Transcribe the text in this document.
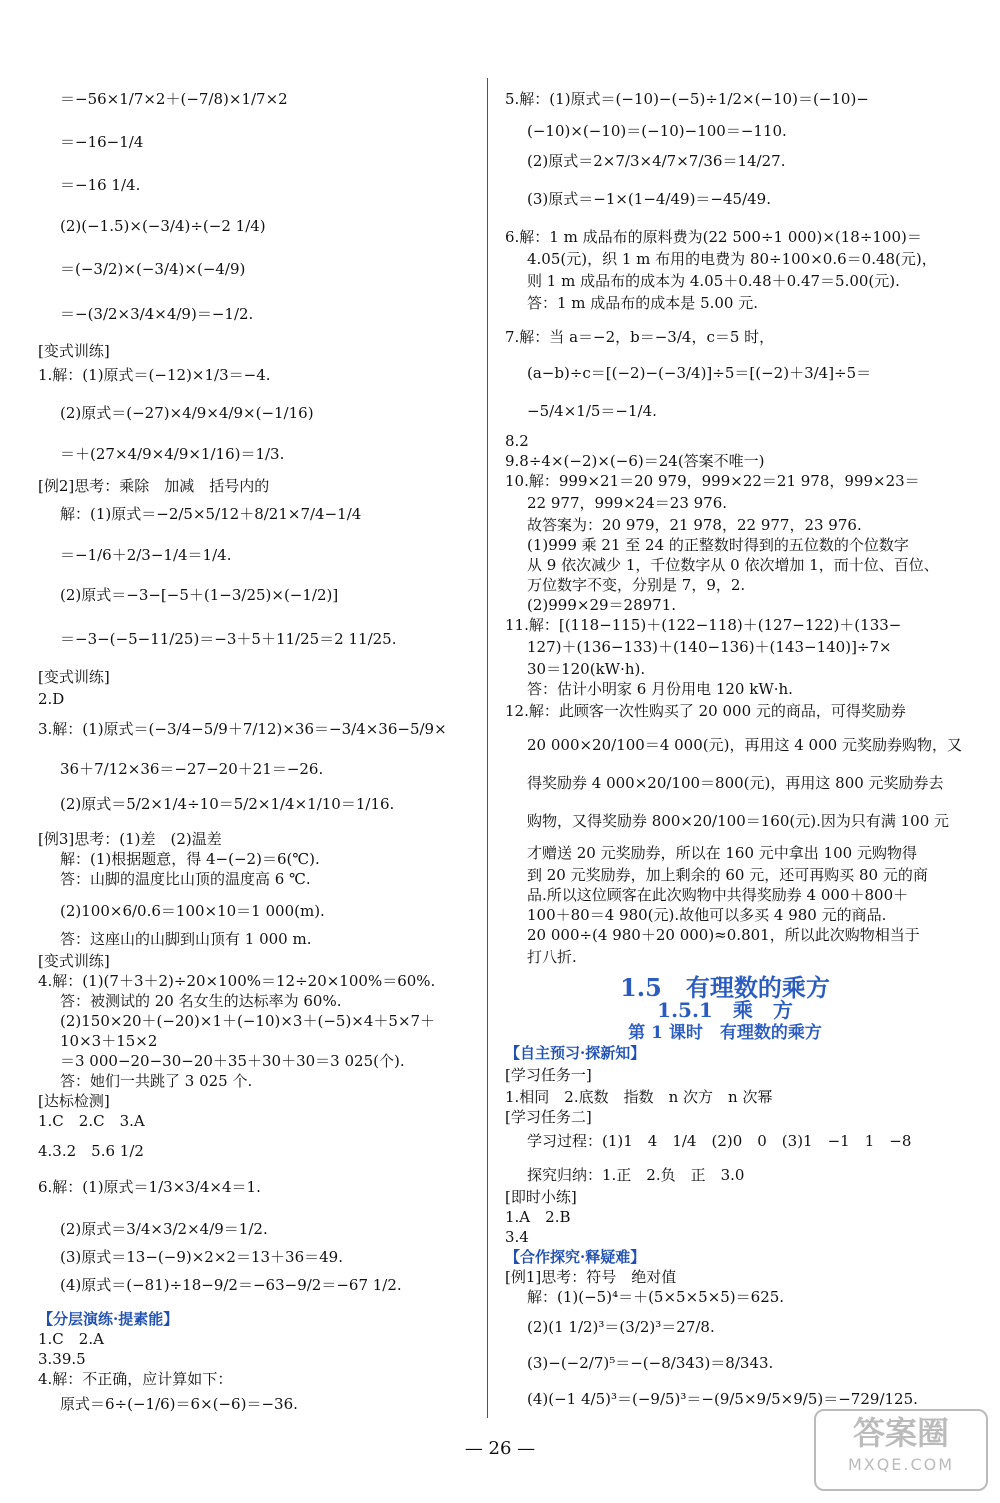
＝−56×1/7×2＋(−7/8)×1/7×2
＝−16−1/4
＝−16 1/4.
(2)(−1.5)×(−3/4)÷(−2 1/4)
＝(−3/2)×(−3/4)×(−4/9)
＝−(3/2×3/4×4/9)＝−1/2.
[变式训练]
1.解：(1)原式＝(−12)×1/3＝−4.
(2)原式＝(−27)×4/9×4/9×(−1/16)
＝＋(27×4/9×4/9×1/16)＝1/3.
[例2]思考：乘除　加减　括号内的
解：(1)原式＝−2/5×5/12＋8/21×7/4−1/4
＝−1/6＋2/3−1/4＝1/4.
(2)原式＝−3−[−5＋(1−3/25)×(−1/2)]
＝−3−(−5−11/25)＝−3＋5＋11/25＝2 11/25.
[变式训练]
2.D
3.解：(1)原式＝(−3/4−5/9＋7/12)×36＝−3/4×36−5/9×
36＋7/12×36＝−27−20＋21＝−26.
(2)原式＝5/2×1/4÷10＝5/2×1/4×1/10＝1/16.
[例3]思考：(1)差　(2)温差
解：(1)根据题意，得 4−(−2)＝6(℃).
答：山脚的温度比山顶的温度高 6 ℃.
(2)100×6/0.6＝100×10＝1 000(m).
答：这座山的山脚到山顶有 1 000 m.
[变式训练]
4.解：(1)(7＋3＋2)÷20×100%＝12÷20×100%＝60%.
答：被测试的 20 名女生的达标率为 60%.
(2)150×20＋(−20)×1＋(−10)×3＋(−5)×4＋5×7＋
10×3＋15×2
＝3 000−20−30−20＋35＋30＋30＝3 025(个).
答：她们一共跳了 3 025 个.
[达标检测]
1.C　2.C　3.A
4.3.2　5.6 1/2
6.解：(1)原式＝1/3×3/4×4＝1.
(2)原式＝3/4×3/2×4/9＝1/2.
(3)原式＝13−(−9)×2×2＝13＋36＝49.
(4)原式＝(−81)÷18−9/2＝−63−9/2＝−67 1/2.
【分层演练·提素能】
1.C　2.A
3.39.5
4.解：不正确，应计算如下：
原式＝6÷(−1/6)＝6×(−6)＝−36.
5.解：(1)原式＝(−10)−(−5)÷1/2×(−10)＝(−10)−
(−10)×(−10)＝(−10)−100＝−110.
(2)原式＝2×7/3×4/7×7/36＝14/27.
(3)原式＝−1×(1−4/49)＝−45/49.
6.解：1 m 成品布的原料费为(22 500÷1 000)×(18÷100)＝
4.05(元)，织 1 m 布用的电费为 80÷100×0.6＝0.48(元)，
则 1 m 成品布的成本为 4.05＋0.48＋0.47＝5.00(元).
答：1 m 成品布的成本是 5.00 元.
7.解：当 a＝−2，b＝−3/4，c＝5 时，
(a−b)÷c＝[(−2)−(−3/4)]÷5＝[(−2)＋3/4]÷5＝
−5/4×1/5＝−1/4.
8.2
9.8÷4×(−2)×(−6)＝24(答案不唯一)
10.解：999×21＝20 979，999×22＝21 978，999×23＝
22 977，999×24＝23 976.
故答案为：20 979，21 978，22 977，23 976.
(1)999 乘 21 至 24 的正整数时得到的五位数的个位数字
从 9 依次减少 1，千位数字从 0 依次增加 1，而十位、百位、
万位数字不变，分别是 7，9，2.
(2)999×29＝28971.
11.解：[(118−115)＋(122−118)＋(127−122)＋(133−
127)＋(136−133)＋(140−136)＋(143−140)]÷7×
30＝120(kW·h).
答：估计小明家 6 月份用电 120 kW·h.
12.解：此顾客一次性购买了 20 000 元的商品，可得奖励券
20 000×20/100＝4 000(元)，再用这 4 000 元奖励券购物，又
得奖励券 4 000×20/100＝800(元)，再用这 800 元奖励券去
购物，又得奖励券 800×20/100＝160(元).因为只有满 100 元
才赠送 20 元奖励券，所以在 160 元中拿出 100 元购物得
到 20 元奖励券，加上剩余的 60 元，还可再购买 80 元的商
品.所以这位顾客在此次购物中共得奖励券 4 000＋800＋
100＋80＝4 980(元).故他可以多买 4 980 元的商品.
20 000÷(4 980＋20 000)≈0.801，所以此次购物相当于
打八折.
1.5　有理数的乘方
1.5.1　乘　方
第 1 课时　有理数的乘方
【自主预习·探新知】
[学习任务一]
1.相同　2.底数　指数　n 次方　n 次幂
[学习任务二]
学习过程：(1)1　4　1/4　(2)0　0　(3)1　−1　1　−8
探究归纳：1.正　2.负　正　3.0
[即时小练]
1.A　2.B
3.4
【合作探究·释疑难】
[例1]思考：符号　绝对值
解：(1)(−5)⁴＝＋(5×5×5×5)＝625.
(2)(1 1/2)³＝(3/2)³＝27/8.
(3)−(−2/7)⁵＝−(−8/343)＝8/343.
(4)(−1 4/5)³＝(−9/5)³＝−(9/5×9/5×9/5)＝−729/125.
— 26 —	答案圈
MXQE.COM
